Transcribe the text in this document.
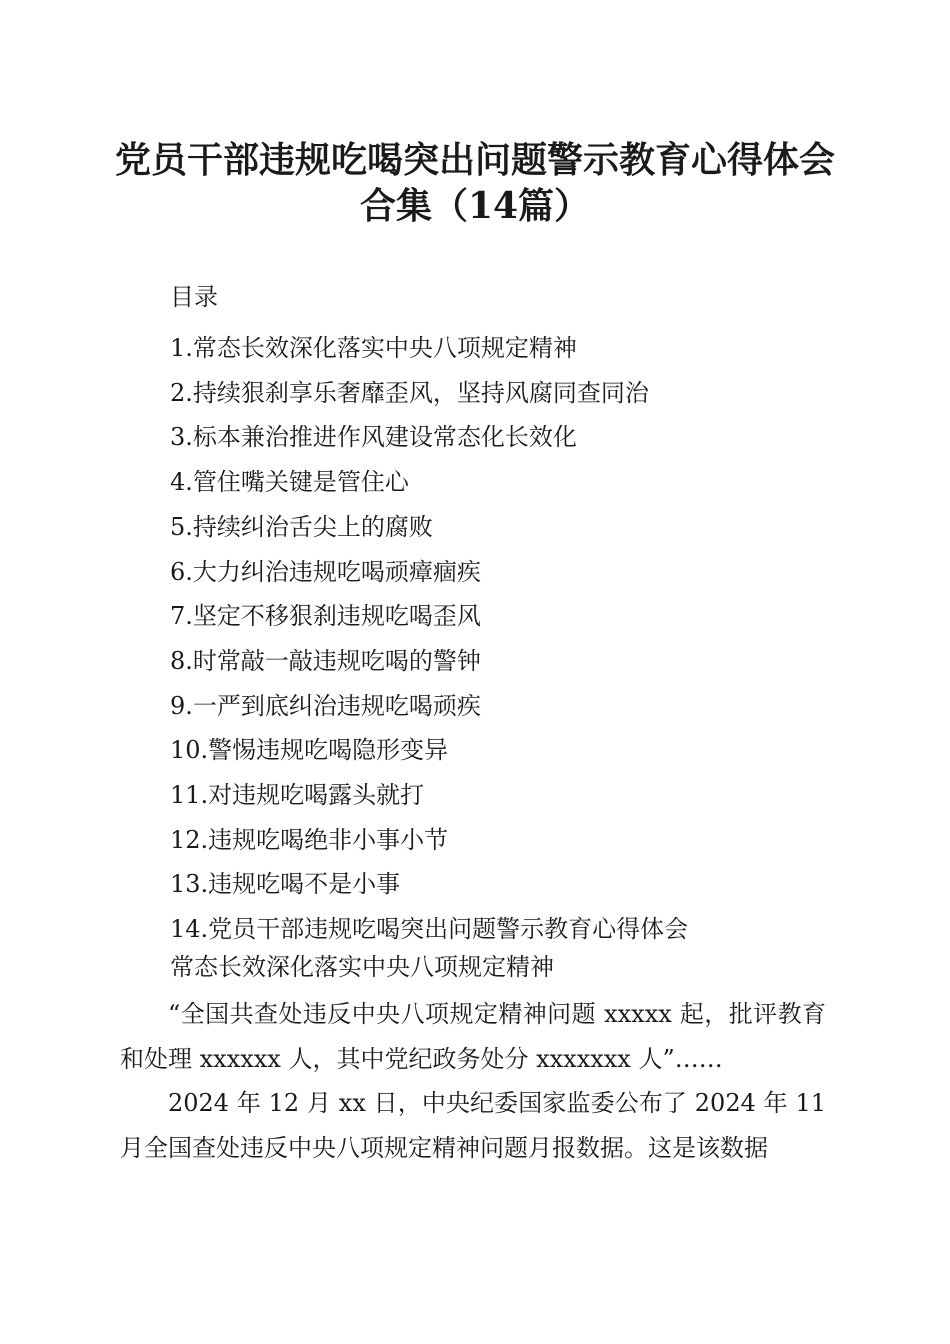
党员干部违规吃喝突出问题警示教育心得体会
合集（14篇）

目录

1.常态长效深化落实中央八项规定精神
2.持续狠刹享乐奢靡歪风，坚持风腐同查同治
3.标本兼治推进作风建设常态化长效化
4.管住嘴关键是管住心
5.持续纠治舌尖上的腐败
6.大力纠治违规吃喝顽瘴痼疾
7.坚定不移狠刹违规吃喝歪风
8.时常敲一敲违规吃喝的警钟
9.一严到底纠治违规吃喝顽疾
10.警惕违规吃喝隐形变异
11.对违规吃喝露头就打
12.违规吃喝绝非小事小节
13.违规吃喝不是小事
14.党员干部违规吃喝突出问题警示教育心得体会

常态长效深化落实中央八项规定精神

“全国共查处违反中央八项规定精神问题 xxxxx 起，批评教育和处理 xxxxxx 人，其中党纪政务处分 xxxxxxx 人”……

2024 年 12 月 xx 日，中央纪委国家监委公布了 2024 年 11 月全国查处违反中央八项规定精神问题月报数据。这是该数据
